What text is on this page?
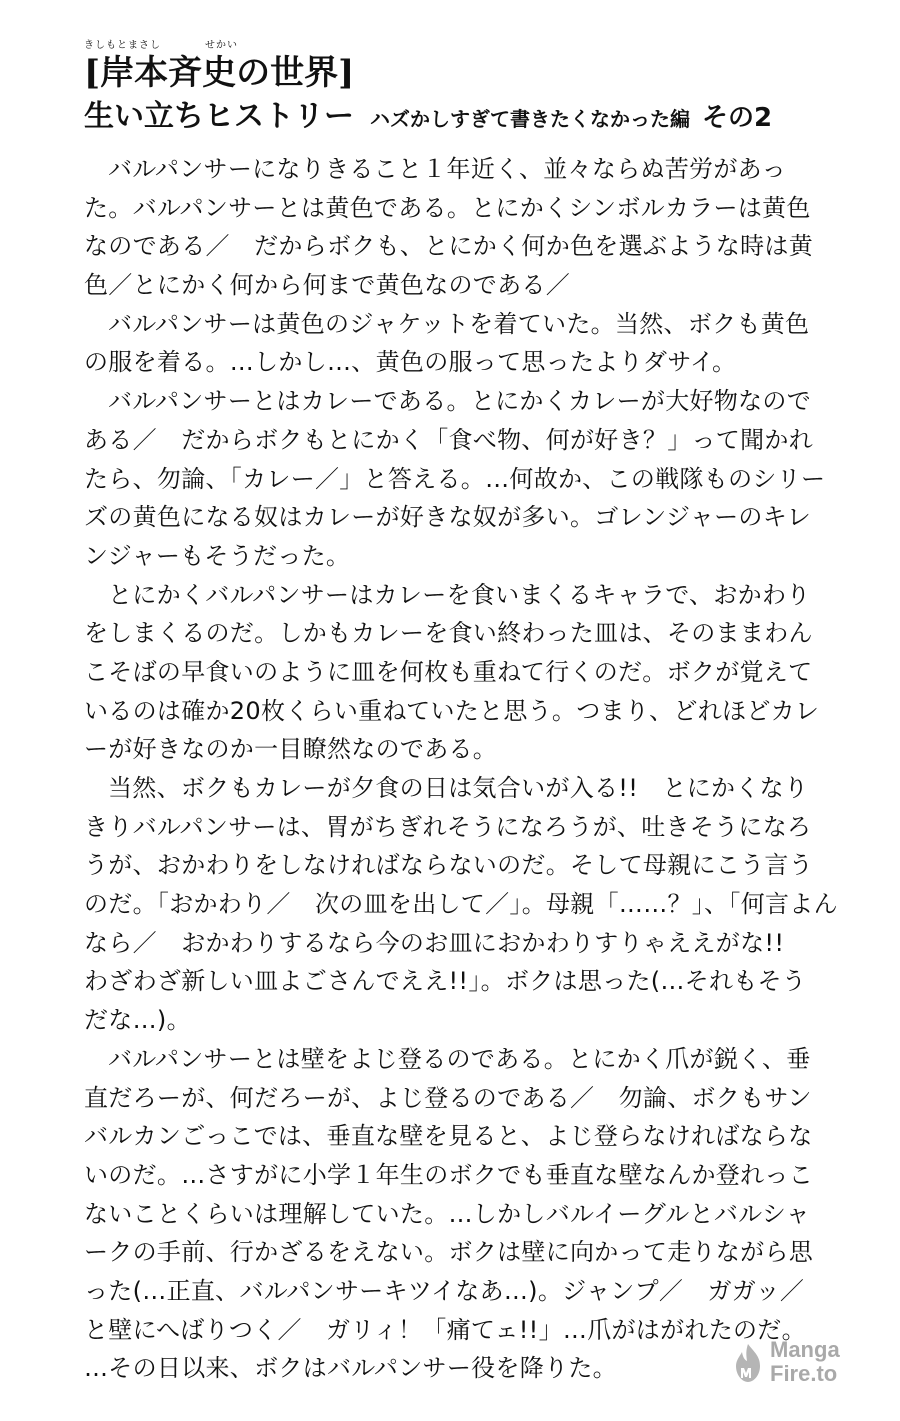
きしもとまさし　　　　せかい
[岸本斉史の世界]
生い立ちヒストリー ハズかしすぎて書きたくなかった編 その2
バルパンサーになりきること１年近く、並々ならぬ苦労があっ
た。バルパンサーとは黄色である。とにかくシンボルカラーは黄色
なのである／　だからボクも、とにかく何か色を選ぶような時は黄
色／とにかく何から何まで黄色なのである／
バルパンサーは黄色のジャケットを着ていた。当然、ボクも黄色
の服を着る。…しかし…、黄色の服って思ったよりダサイ。
バルパンサーとはカレーである。とにかくカレーが大好物なので
ある／　だからボクもとにかく「食べ物、何が好き？」って聞かれ
たら、勿論、「カレー／」と答える。…何故か、この戦隊ものシリー
ズの黄色になる奴はカレーが好きな奴が多い。ゴレンジャーのキレ
ンジャーもそうだった。
とにかくバルパンサーはカレーを食いまくるキャラで、おかわり
をしまくるのだ。しかもカレーを食い終わった皿は、そのままわん
こそばの早食いのように皿を何枚も重ねて行くのだ。ボクが覚えて
いるのは確か20枚くらい重ねていたと思う。つまり、どれほどカレ
ーが好きなのか一目瞭然なのである。
当然、ボクもカレーが夕食の日は気合いが入る!!　とにかくなり
きりバルパンサーは、胃がちぎれそうになろうが、吐きそうになろ
うが、おかわりをしなければならないのだ。そして母親にこう言う
のだ。「おかわり／　次の皿を出して／」。母親「……？」、「何言よん
なら／　おかわりするなら今のお皿におかわりすりゃええがな!!
わざわざ新しい皿よごさんでええ!!」。ボクは思った(…それもそう
だな…)。
バルパンサーとは壁をよじ登るのである。とにかく爪が鋭く、垂
直だろーが、何だろーが、よじ登るのである／　勿論、ボクもサン
バルカンごっこでは、垂直な壁を見ると、よじ登らなければならな
いのだ。…さすがに小学１年生のボクでも垂直な壁なんか登れっこ
ないことくらいは理解していた。…しかしバルイーグルとバルシャ
ークの手前、行かざるをえない。ボクは壁に向かって走りながら思
った(…正直、バルパンサーキツイなあ…)。ジャンプ／　ガガッ／
と壁にへばりつく／　ガリィ！「痛てェ!!」…爪がはがれたのだ。
…その日以来、ボクはバルパンサー役を降りた。
Manga
Fire.to
